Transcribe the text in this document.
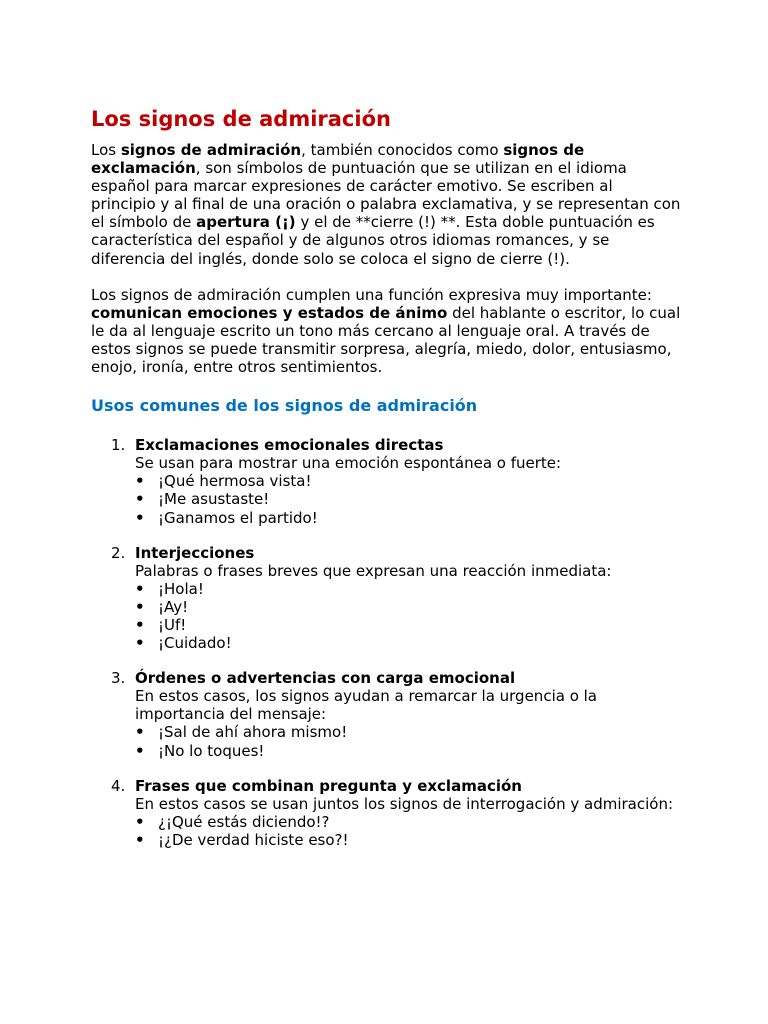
Los signos de admiración

Los signos de admiración, también conocidos como signos de exclamación, son símbolos de puntuación que se utilizan en el idioma español para marcar expresiones de carácter emotivo. Se escriben al principio y al final de una oración o palabra exclamativa, y se representan con el símbolo de apertura (¡) y el de **cierre (!) **. Esta doble puntuación es característica del español y de algunos otros idiomas romances, y se diferencia del inglés, donde solo se coloca el signo de cierre (!).

Los signos de admiración cumplen una función expresiva muy importante: comunican emociones y estados de ánimo del hablante o escritor, lo cual le da al lenguaje escrito un tono más cercano al lenguaje oral. A través de estos signos se puede transmitir sorpresa, alegría, miedo, dolor, entusiasmo, enojo, ironía, entre otros sentimientos.

Usos comunes de los signos de admiración
1. Exclamaciones emocionales directas
Se usan para mostrar una emoción espontánea o fuerte:
• ¡Qué hermosa vista!
• ¡Me asustaste!
• ¡Ganamos el partido!
2. Interjecciones
Palabras o frases breves que expresan una reacción inmediata:
• ¡Hola!
• ¡Ay!
• ¡Uf!
• ¡Cuidado!
3. Órdenes o advertencias con carga emocional
En estos casos, los signos ayudan a remarcar la urgencia o la importancia del mensaje:
• ¡Sal de ahí ahora mismo!
• ¡No lo toques!
4. Frases que combinan pregunta y exclamación
En estos casos se usan juntos los signos de interrogación y admiración:
• ¿¡Qué estás diciendo!?
• ¡¿De verdad hiciste eso?!
